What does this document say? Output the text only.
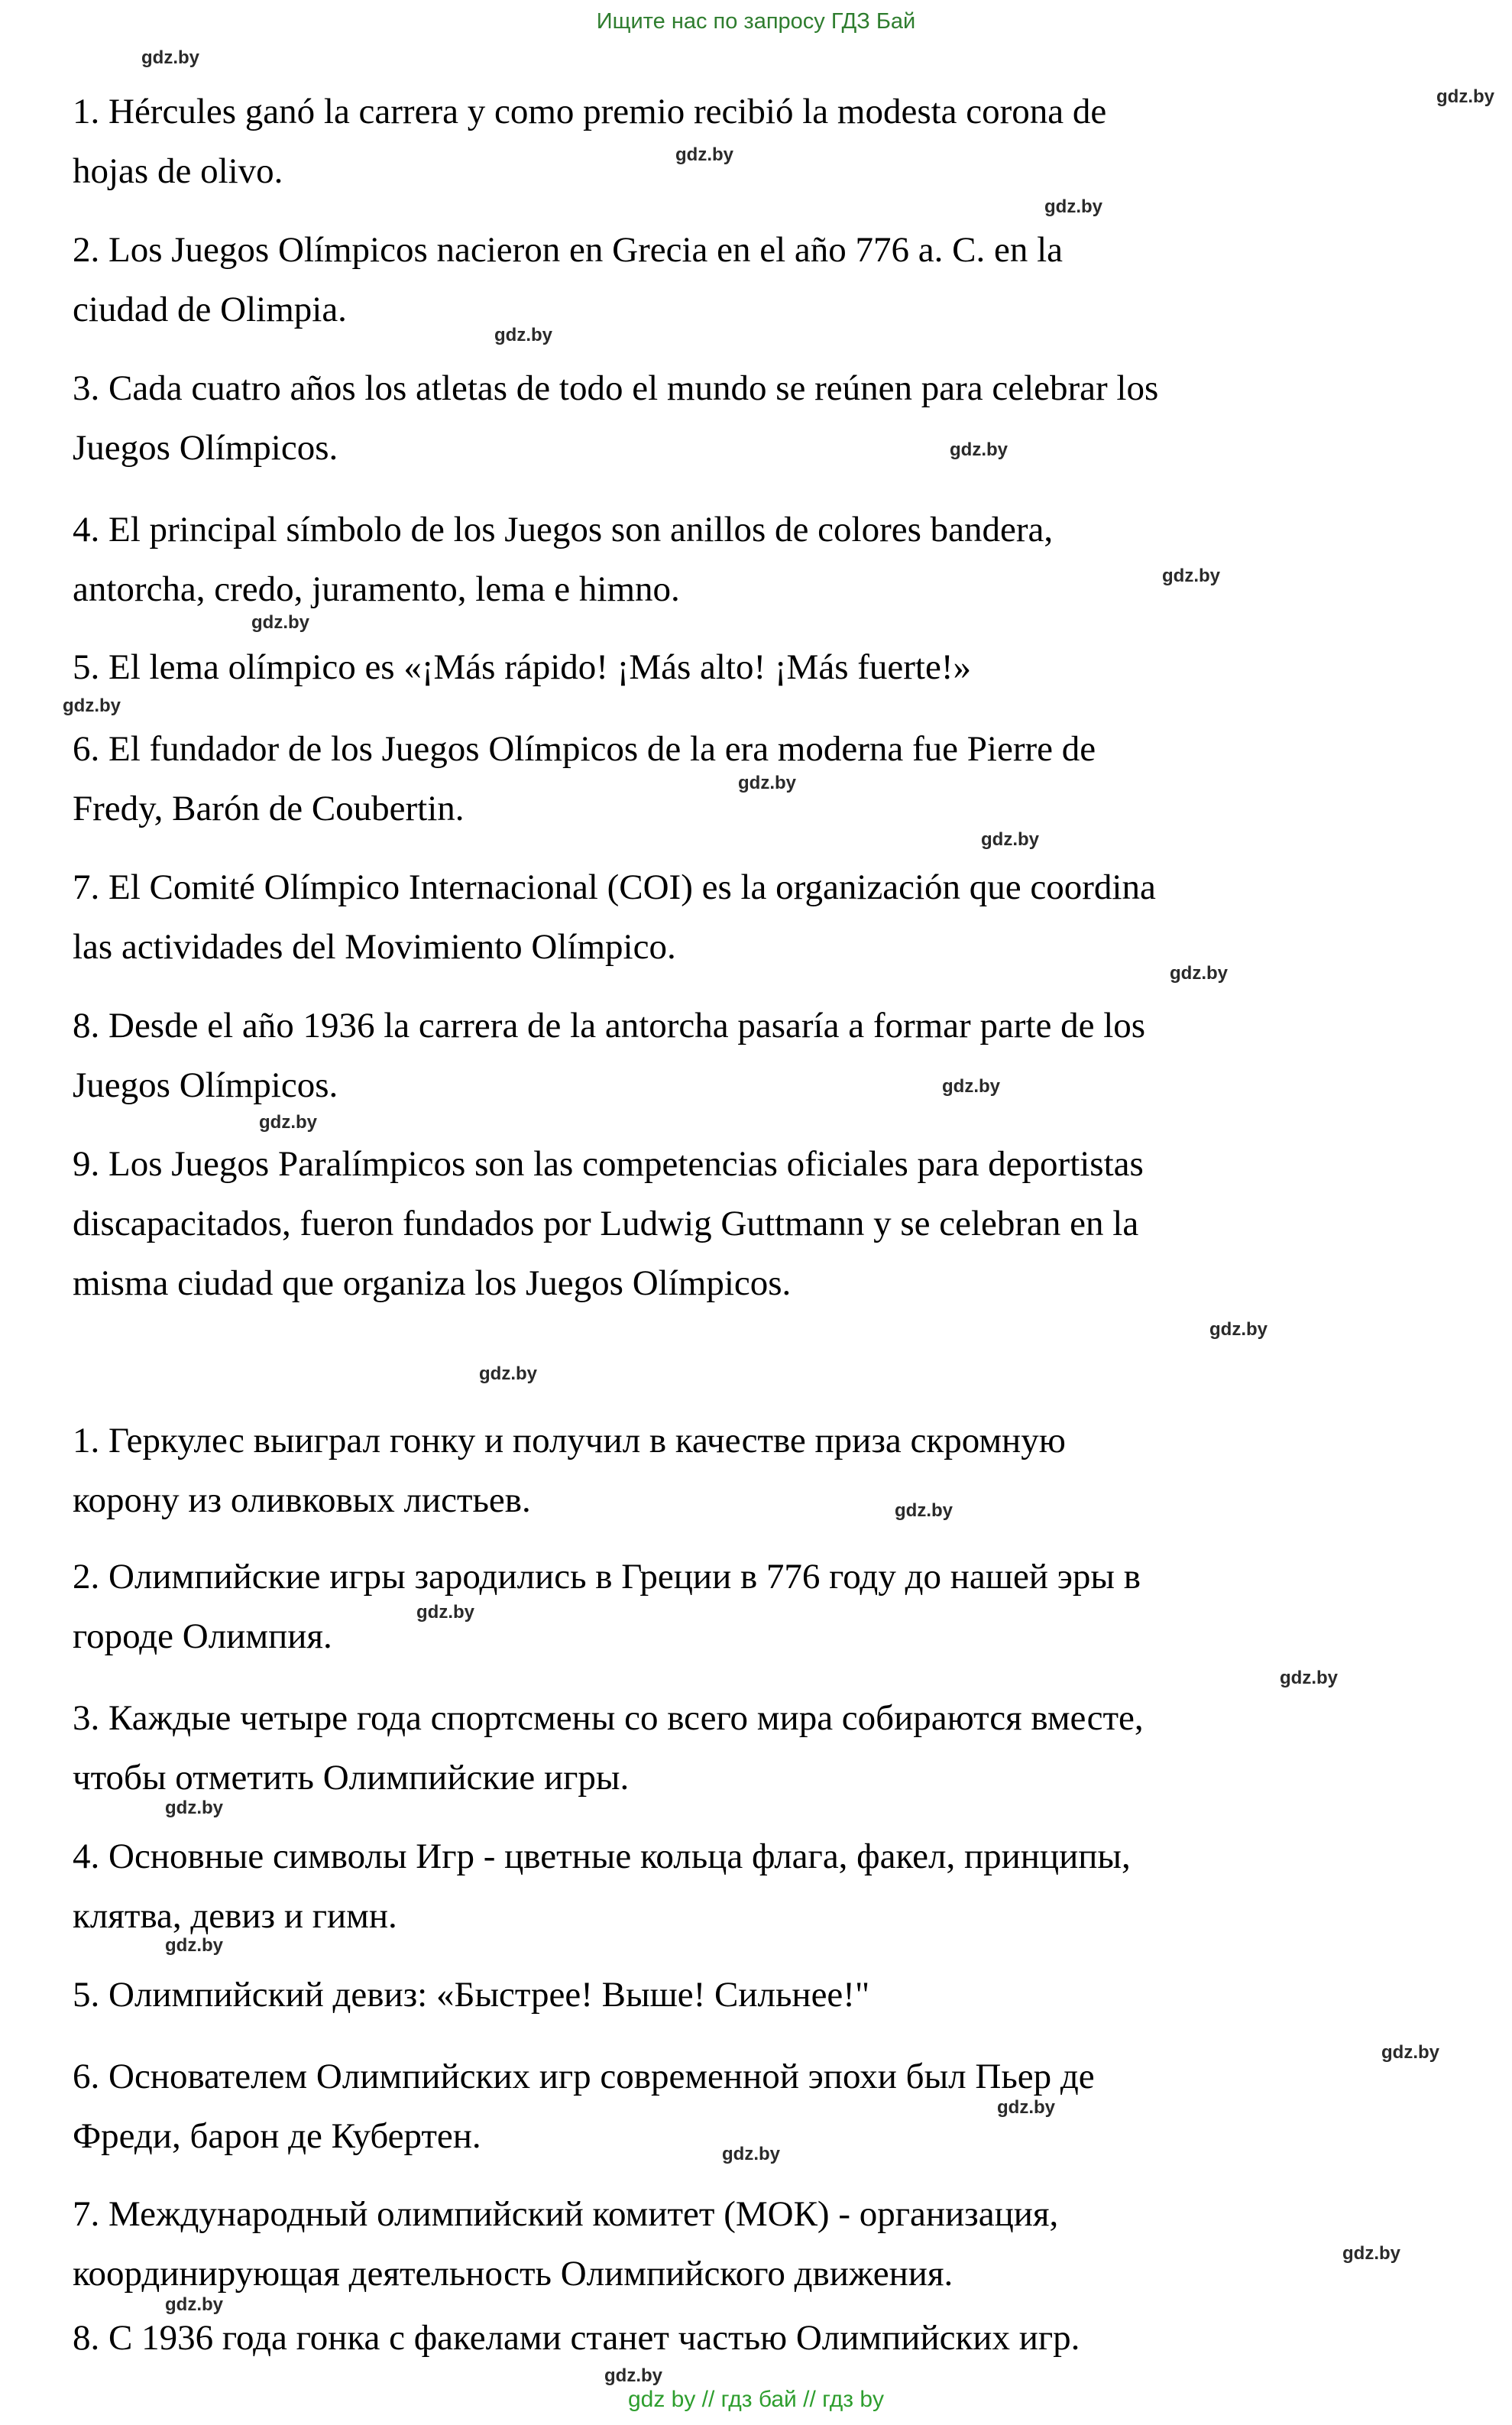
Ищите нас по запросу ГДЗ Бай
1. Hércules ganó la carrera y como premio recibió la modesta corona de
hojas de olivo.
2. Los Juegos Olímpicos nacieron en Grecia en el año 776 a. C. en la
ciudad de Olimpia.
3. Cada cuatro años los atletas de todo el mundo se reúnen para celebrar los
Juegos Olímpicos.
4. El principal símbolo de los Juegos son anillos de colores bandera,
antorcha, credo, juramento, lema e himno.
5. El lema olímpico es «¡Más rápido! ¡Más alto! ¡Más fuerte!»
6. El fundador de los Juegos Olímpicos de la era moderna fue Pierre de
Fredy, Barón de Coubertin.
7. El Comité Olímpico Internacional (COI) es la organización que coordina
las actividades del Movimiento Olímpico.
8. Desde el año 1936 la carrera de la antorcha pasaría a formar parte de los
Juegos Olímpicos.
9. Los Juegos Paralímpicos son las competencias oficiales para deportistas
discapacitados, fueron fundados por Ludwig Guttmann y se celebran en la
misma ciudad que organiza los Juegos Olímpicos.
1. Геркулес выиграл гонку и получил в качестве приза скромную
корону из оливковых листьев.
2. Олимпийские игры зародились в Греции в 776 году до нашей эры в
городе Олимпия.
3. Каждые четыре года спортсмены со всего мира собираются вместе,
чтобы отметить Олимпийские игры.
4. Основные символы Игр - цветные кольца флага, факел, принципы,
клятва, девиз и гимн.
5. Олимпийский девиз: «Быстрее! Выше! Сильнее!"
6. Основателем Олимпийских игр современной эпохи был Пьер де
Фреди, барон де Кубертен.
7. Международный олимпийский комитет (МОК) - организация,
координирующая деятельность Олимпийского движения.
8. С 1936 года гонка с факелами станет частью Олимпийских игр.
gdz.by
gdz.by
gdz.by
gdz.by
gdz.by
gdz.by
gdz.by
gdz.by
gdz.by
gdz.by
gdz.by
gdz.by
gdz.by
gdz.by
gdz.by
gdz.by
gdz.by
gdz.by
gdz.by
gdz.by
gdz.by
gdz.by
gdz.by
gdz.by
gdz.by
gdz.by
gdz.by
gdz by // гдз бай // гдз by
